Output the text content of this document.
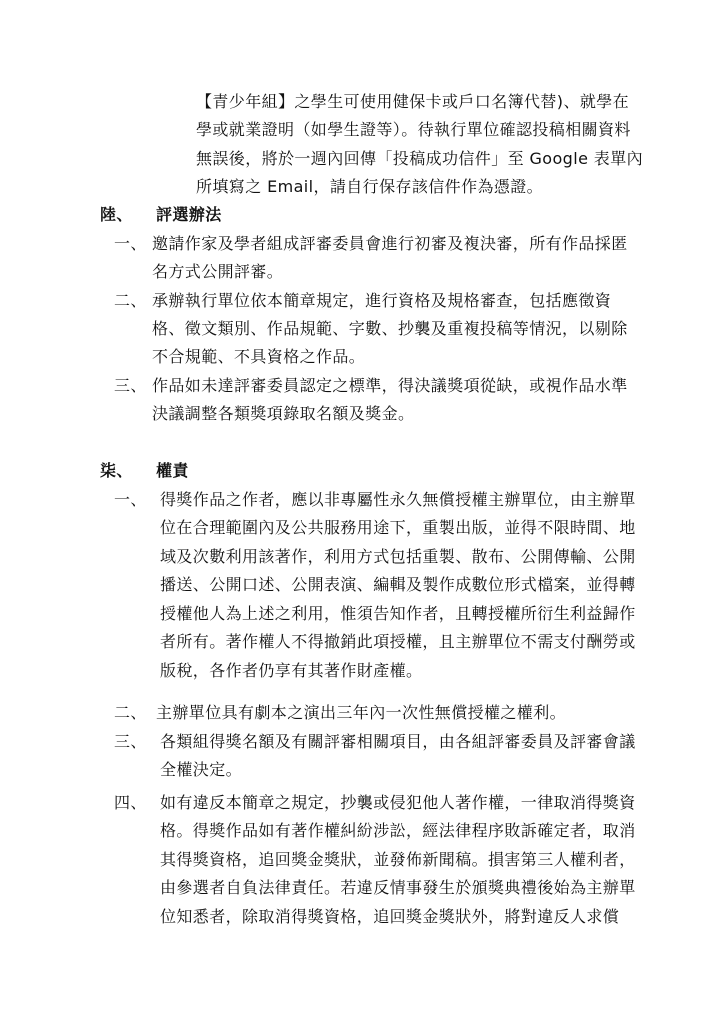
【青少年組】之學生可使用健保卡或戶口名簿代替)、就學在
學或就業證明（如學生證等）。待執行單位確認投稿相關資料
無誤後，將於一週內回傳「投稿成功信件」至 Google 表單內
所填寫之 Email，請自行保存該信件作為憑證。
陸、 評選辦法
一、 邀請作家及學者組成評審委員會進行初審及複決審，所有作品採匿
名方式公開評審。
二、 承辦執行單位依本簡章規定，進行資格及規格審查，包括應徵資
格、徵文類別、作品規範、字數、抄襲及重複投稿等情況，以剔除
不合規範、不具資格之作品。
三、 作品如未達評審委員認定之標準，得決議獎項從缺，或視作品水準
決議調整各類獎項錄取名額及獎金。
柒、 權責
一、 得獎作品之作者，應以非專屬性永久無償授權主辦單位，由主辦單
位在合理範圍內及公共服務用途下，重製出版，並得不限時間、地
域及次數利用該著作，利用方式包括重製、散布、公開傳輸、公開
播送、公開口述、公開表演、編輯及製作成數位形式檔案，並得轉
授權他人為上述之利用，惟須告知作者，且轉授權所衍生利益歸作
者所有。著作權人不得撤銷此項授權，且主辦單位不需支付酬勞或
版稅，各作者仍享有其著作財產權。
二、 主辦單位具有劇本之演出三年內一次性無償授權之權利。
三、 各類組得獎名額及有關評審相關項目，由各組評審委員及評審會議
全權決定。
四、 如有違反本簡章之規定，抄襲或侵犯他人著作權，一律取消得獎資
格。得獎作品如有著作權糾紛涉訟，經法律程序敗訴確定者，取消
其得獎資格，追回獎金獎狀，並發佈新聞稿。損害第三人權利者，
由參選者自負法律責任。若違反情事發生於頒獎典禮後始為主辦單
位知悉者，除取消得獎資格，追回獎金獎狀外，將對違反人求償
